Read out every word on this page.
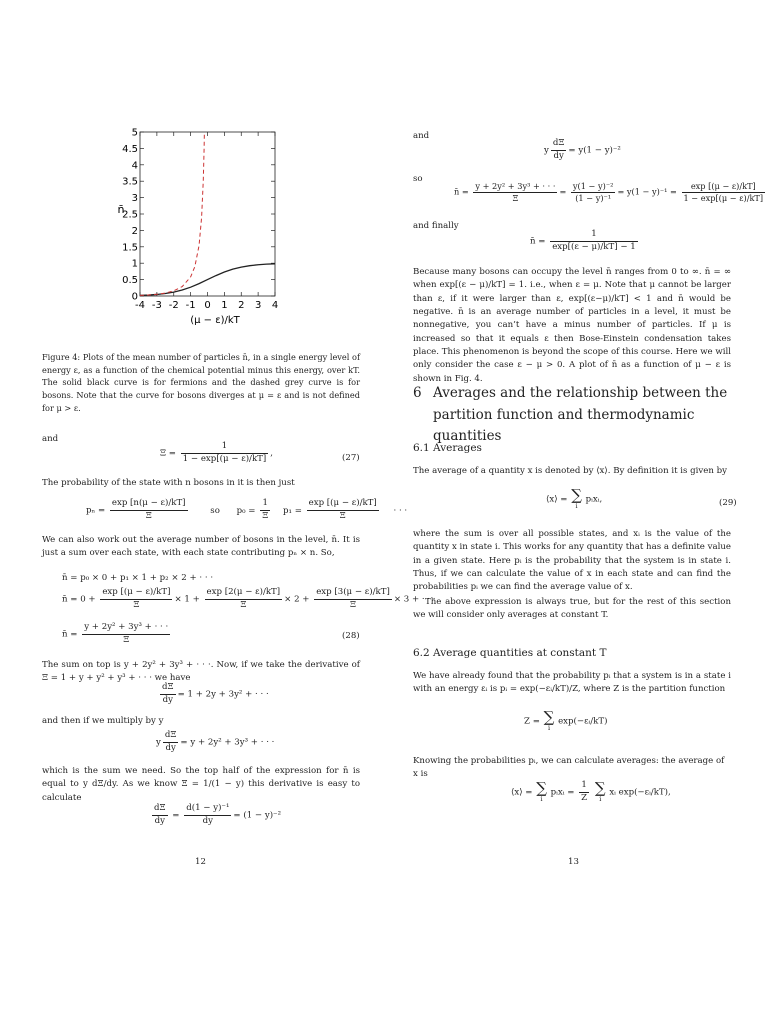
0
0.5
1
1.5
2
2.5
3
3.5
4
4.5
5
-4 -3 -2 -1 0 1 2 3 4
n̄
(μ − ε)/kT
Figure 4: Plots of the mean number of particles n̄, in a single energy level of energy ε, as a function of the chemical potential minus this energy, over kT. The solid black curve is for fermions and the dashed grey curve is for bosons. Note that the curve for bosons diverges at μ = ε and is not defined for μ > ε.
and
$\Xi = \frac{1}{1 - \exp[(\mu - \varepsilon)/kT]}$ ,	(27)
The probability of the state with n bosons in it is then just
$p_n = \frac{\exp [n(\mu - \varepsilon)/kT]}{\Xi}$	so $p_0 = \frac{1}{\Xi} p_1 = \frac{\exp [(\mu - \varepsilon)/kT]}{\Xi}$ · · ·
We can also work out the average number of bosons in the level, n̄. It is just a sum over each state, with each state contributing pₙ × n. So,
n̄ = p₀ × 0 + p₁ × 1 + p₂ × 2 + · · ·
n̄ = $0 + \frac{\exp [(\mu - \varepsilon)/kT]}{\Xi} \times 1 + \frac{\exp [2(\mu - \varepsilon)/kT]}{\Xi} \times 2 + \frac{\exp [3(\mu - \varepsilon)/kT]}{\Xi} \times 3$ + · · ·
n̄ = $\frac{\text{y + 2y² + 3y³ + · · ·}}{\Xi}$	(28)
The sum on top is y + 2y² + 3y³ + · · ·. Now, if we take the derivative of Ξ = 1 + y + y² + y³ + · · · we have
$\frac{d\Xi}{dy} = 1 + 2y + 3y^2$ + · · ·
and then if we multiply by y
y $\frac{d\Xi}{dy} = y + 2y^2 + 3y^3$ + · · ·
which is the sum we need. So the top half of the expression for n̄ is equal to y dΞ/dy. As we know Ξ = 1/(1 − y) this derivative is easy to calculate
$\frac{d\Xi}{dy} = \frac{\text{d(1 − y)⁻¹}}{dy} = (1 - y)^{-2}$
12
and
y $\frac{d\Xi}{dy} = y(1 - y)^{-2}$
so
n̄ = $\frac{\text{y + 2y² + 3y³ + · · ·}}{\Xi} = \frac{\text{y(1 − y)⁻²}}{\text{(1 − y)⁻¹}} = y(1 - y)^{-1} = \frac{\exp [(\mu - \varepsilon)/kT]}{1 - \exp[(\mu - \varepsilon)/kT]}$
and finally
n̄ = $\frac{1}{\exp[(\varepsilon - \mu)/kT] - 1}$
Because many bosons can occupy the level n̄ ranges from 0 to ∞. n̄ = ∞ when exp[(ε − μ)/kT] = 1. i.e., when ε = μ. Note that μ cannot be larger than ε, if it were larger than ε, exp[(ε−μ)/kT] < 1 and n̄ would be negative. n̄ is an average number of particles in a level, it must be nonnegative, you can’t have a minus number of particles. If μ is increased so that it equals ε then Bose-Einstein condensation takes place. This phenomenon is beyond the scope of this course. Here we will only consider the case ε − μ > 0. A plot of n̄ as a function of μ − ε is shown in Fig. 4.
6 Averages and the relationship between the partition function and thermodynamic quantities
6.1 Averages
The average of a quantity x is denoted by ⟨x⟩. By definition it is given by
⟨x⟩ = ∑
i
pᵢxᵢ,	(29)
where the sum is over all possible states, and xᵢ is the value of the quantity x in state i. This works for any quantity that has a definite value in a given state. Here pᵢ is the probability that the system is in state i. Thus, if we can calculate the value of x in each state and can find the probabilities pᵢ we can find the average value of x.
The above expression is always true, but for the rest of this section we will consider only averages at constant T.
6.2 Average quantities at constant T
We have already found that the probability pᵢ that a system is in a state i with an energy εᵢ is pᵢ = exp(−εᵢ/kT)/Z, where Z is the partition function
Z = ∑
i
exp(−εᵢ/kT)
Knowing the probabilities pᵢ, we can calculate averages: the average of x is
⟨x⟩ = ∑
i
pᵢxᵢ = $\frac{1}{Z}$
∑
i
xᵢ exp(−εᵢ/kT),
13
